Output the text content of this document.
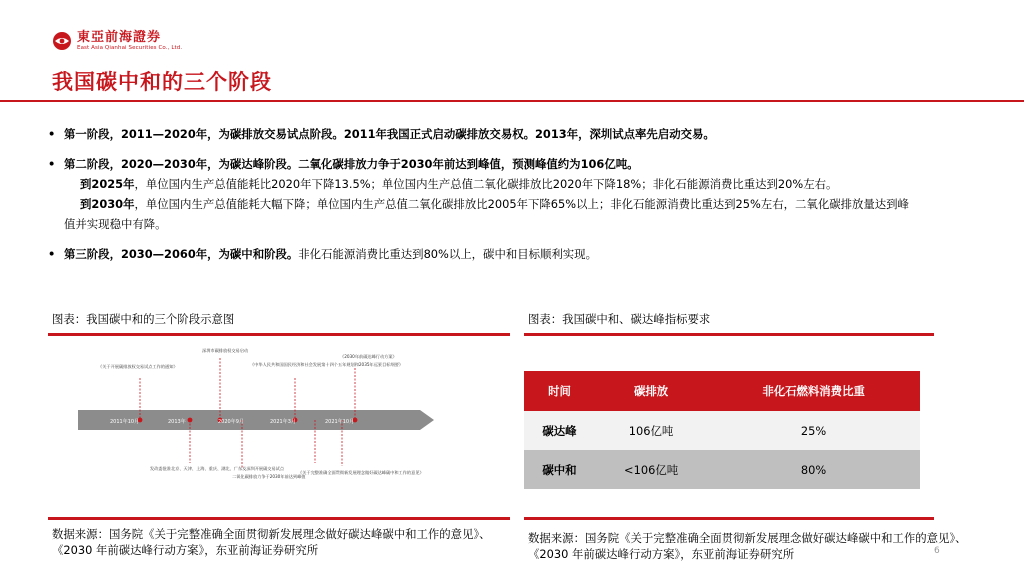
東亞前海證券
East Asia Qianhai Securities Co., Ltd.
我国碳中和的三个阶段
• 第一阶段，2011—2020年，为碳排放交易试点阶段。2011年我国正式启动碳排放交易权。2013年，深圳试点率先启动交易。
• 第二阶段，2020—2030年，为碳达峰阶段。二氧化碳排放力争于2030年前达到峰值，预测峰值约为106亿吨。
到2025年，单位国内生产总值能耗比2020年下降13.5%；单位国内生产总值二氧化碳排放比2020年下降18%；非化石能源消费比重达到20%左右。
到2030年，单位国内生产总值能耗大幅下降；单位国内生产总值二氧化碳排放比2005年下降65%以上；非化石能源消费比重达到25%左右，二氧化碳排放量达到峰
值并实现稳中有降。
• 第三阶段，2030—2060年，为碳中和阶段。非化石能源消费比重达到80%以上，碳中和目标顺利实现。
图表：我国碳中和的三个阶段示意图
2011年10月	2013年	2020年9月	2021年3月	2021年10月
《关于开展碳排放权交易试点工作的通知》
深圳市碳排放权交易启动
《中华人民共和国国民经济和社会发展第十四个五年规划和2035年远景目标纲要》
《2030年前碳达峰行动方案》
发改委批准北京、天津、上海、重庆、湖北、广东及深圳开展碳交易试点
二氧化碳排放力争于2030年前达到峰值
《关于完整准确全面贯彻新发展理念做好碳达峰碳中和工作的意见》
数据来源：国务院《关于完整准确全面贯彻新发展理念做好碳达峰碳中和工作的意见》、《2030 年前碳达峰行动方案》，东亚前海证券研究所
图表：我国碳中和、碳达峰指标要求
时间	碳排放	非化石燃料消费比重
碳达峰	106亿吨	25%
碳中和	<106亿吨	80%
数据来源：国务院《关于完整准确全面贯彻新发展理念做好碳达峰碳中和工作的意见》、《2030 年前碳达峰行动方案》，东亚前海证券研究所	6
